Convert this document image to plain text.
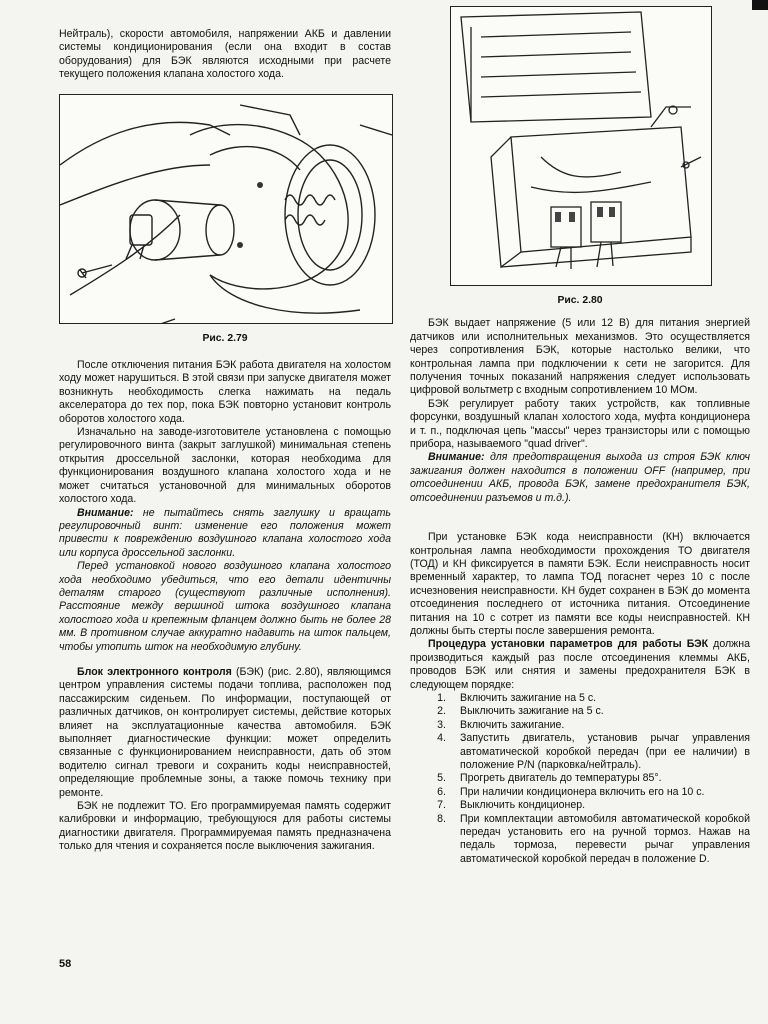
Нейтраль), скорости автомобиля, напряжении АКБ и давлении системы кондиционирования (если она входит в состав оборудования) для БЭК являются исходными при расчете текущего положения клапана холостого хода.

Рис. 2.79

После отключения питания БЭК работа двигателя на холостом ходу может нарушиться. В этой связи при запуске двигателя может возникнуть необходимость слегка нажимать на педаль акселератора до тех пор, пока БЭК повторно установит контроль оборотов холостого хода.

Изначально на заводе-изготовителе установлена с помощью регулировочного винта (закрыт заглушкой) минимальная степень открытия дроссельной заслонки, которая необходима для функционирования воздушного клапана холостого хода и не может считаться установочной для минимальных оборотов холостого хода.

Внимание: не пытайтесь снять заглушку и вращать регулировочный винт: изменение его положения может привести к повреждению воздушного клапана холостого хода или корпуса дроссельной заслонки.

Перед установкой нового воздушного клапана холостого хода необходимо убедиться, что его детали идентичны деталям старого (существуют различные исполнения). Расстояние между вершиной штока воздушного клапана холостого хода и крепежным фланцем должно быть не более 28 мм. В противном случае аккуратно надавить на шток пальцем, чтобы утопить шток на необходимую глубину.

Блок электронного контроля (БЭК) (рис. 2.80), являющимся центром управления системы подачи топлива, расположен под пассажирским сиденьем. По информации, поступающей от различных датчиков, он контролирует системы, действие которых влияет на эксплуатационные качества автомобиля. БЭК выполняет диагностические функции: может определить связанные с функционированием неисправности, дать об этом водителю сигнал тревоги и сохранить коды неисправностей, определяющие проблемные зоны, а также помочь технику при ремонте.

БЭК не подлежит ТО. Его программируемая память содержит калибровки и информацию, требующуюся для работы системы диагностики двигателя. Программируемая память предназначена только для чтения и сохраняется после выключения зажигания.

Рис. 2.80

БЭК выдает напряжение (5 или 12 В) для питания энергией датчиков или исполнительных механизмов. Это осуществляется через сопротивления БЭК, которые настолько велики, что контрольная лампа при подключении к сети не загорится. Для получения точных показаний напряжения следует использовать цифровой вольтметр с входным сопротивлением 10 МОм.

БЭК регулирует работу таких устройств, как топливные форсунки, воздушный клапан холостого хода, муфта кондиционера и т. п., подключая цепь "массы" через транзисторы или с помощью прибора, называемого "quad driver".

Внимание: для предотвращения выхода из строя БЭК ключ зажигания должен находится в положении OFF (например, при отсоединении АКБ, провода БЭК, замене предохранителя БЭК, отсоединении разъемов и т.д.).

При установке БЭК кода неисправности (КН) включается контрольная лампа необходимости прохождения ТО двигателя (ТОД) и КН фиксируется в памяти БЭК. Если неисправность носит временный характер, то лампа ТОД погаснет через 10 с после исчезновения неисправности. КН будет сохранен в БЭК до момента отсоединения последнего от источника питания. Отсоединение питания на 10 с сотрет из памяти все коды неисправностей. КН должны быть стерты после завершения ремонта.

Процедура установки параметров для работы БЭК должна производиться каждый раз после отсоединения клеммы АКБ, проводов БЭК или снятия и замены предохранителя БЭК в следующем порядке:

1.	Включить зажигание на 5 с.
2.	Выключить зажигание на 5 с.
3.	Включить зажигание.
4.	Запустить двигатель, установив рычаг управления автоматической коробкой передач (при ее наличии) в положение P/N (парковка/нейтраль).
5.	Прогреть двигатель до температуры 85°.
6.	При наличии кондиционера включить его на 10 с.
7.	Выключить кондиционер.
8.	При комплектации автомобиля автоматической коробкой передач установить его на ручной тормоз. Нажав на педаль тормоза, перевести рычаг управления автоматической коробкой передач в положение D.
58
